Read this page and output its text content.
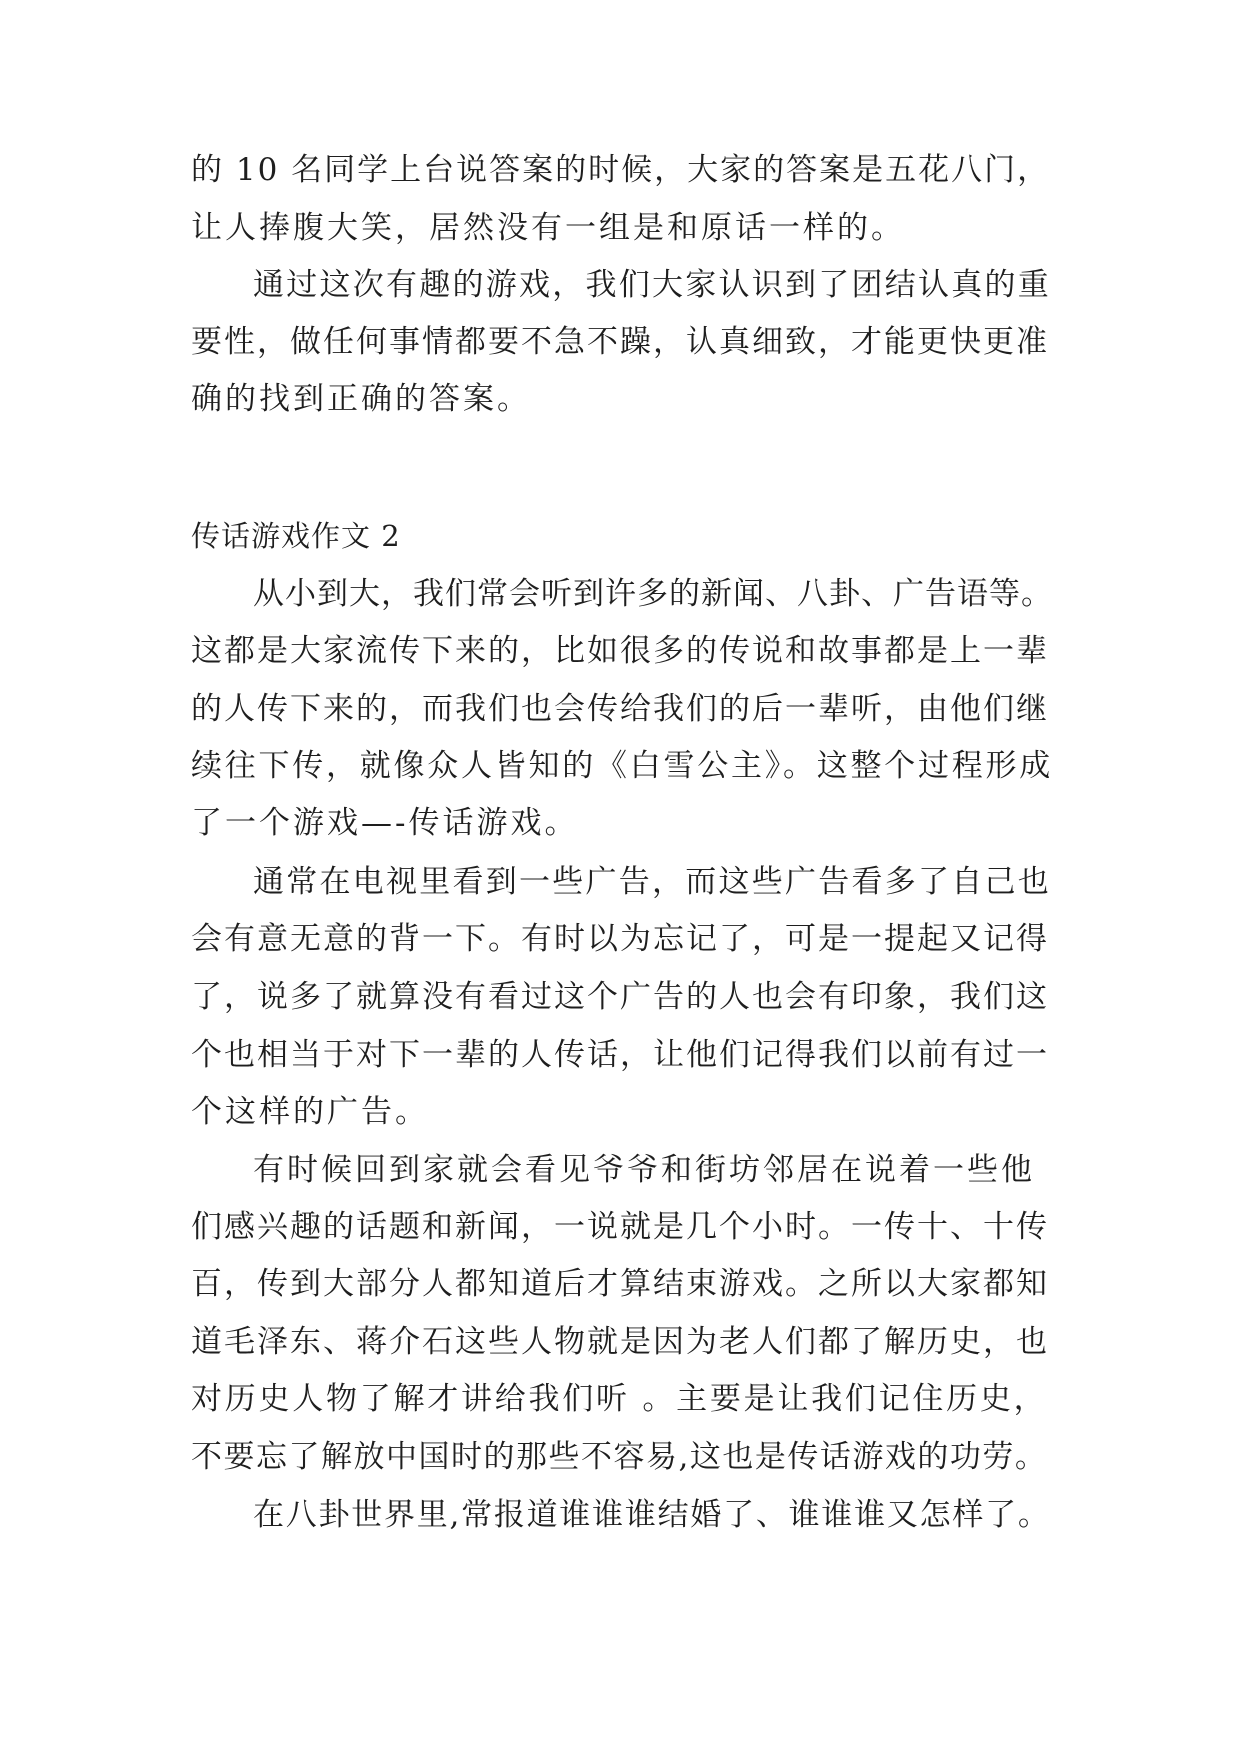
的 10 名同学上台说答案的时候，大家的答案是五花八门，
让人捧腹大笑，居然没有一组是和原话一样的。
通过这次有趣的游戏，我们大家认识到了团结认真的重
要性，做任何事情都要不急不躁，认真细致，才能更快更准
确的找到正确的答案。
传话游戏作文 2
从小到大，我们常会听到许多的新闻、八卦、广告语等。
这都是大家流传下来的，比如很多的传说和故事都是上一辈
的人传下来的，而我们也会传给我们的后一辈听，由他们继
续往下传，就像众人皆知的《白雪公主》。这整个过程形成
了一个游戏—-传话游戏。
通常在电视里看到一些广告，而这些广告看多了自己也
会有意无意的背一下。有时以为忘记了，可是一提起又记得
了，说多了就算没有看过这个广告的人也会有印象，我们这
个也相当于对下一辈的人传话，让他们记得我们以前有过一
个这样的广告。
有时候回到家就会看见爷爷和街坊邻居在说着一些他
们感兴趣的话题和新闻，一说就是几个小时。一传十、十传
百，传到大部分人都知道后才算结束游戏。之所以大家都知
道毛泽东、蒋介石这些人物就是因为老人们都了解历史，也
对历史人物了解才讲给我们听 。主要是让我们记住历史，
不要忘了解放中国时的那些不容易,这也是传话游戏的功劳。
在八卦世界里,常报道谁谁谁结婚了、谁谁谁又怎样了。
